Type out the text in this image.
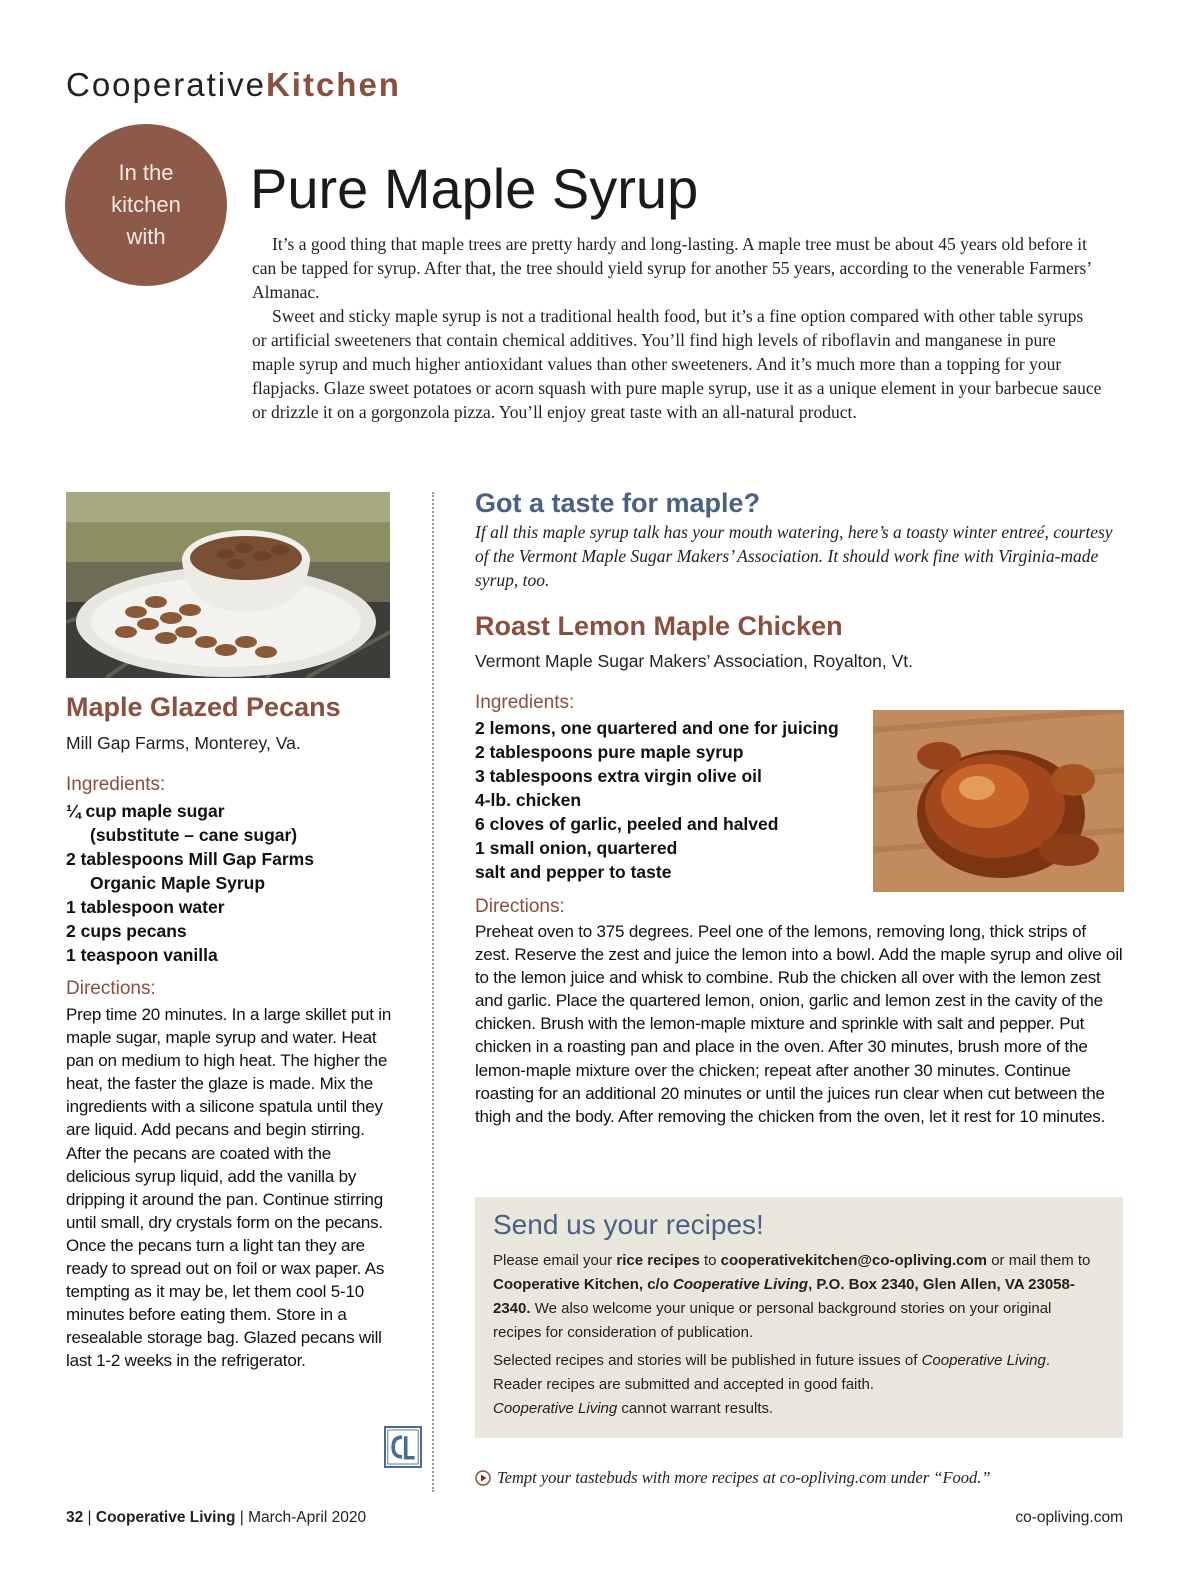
CooperativeKitchen
In the
kitchen
with
Pure Maple Syrup

It’s a good thing that maple trees are pretty hardy and long-lasting. A maple tree must be about 45 years old before it can be tapped for syrup. After that, the tree should yield syrup for another 55 years, according to the venerable Farmers’ Almanac.

Sweet and sticky maple syrup is not a traditional health food, but it’s a fine option compared with other table syrups or artificial sweeteners that contain chemical additives. You’ll find high levels of riboflavin and manganese in pure maple syrup and much higher antioxidant values than other sweeteners. And it’s much more than a topping for your flapjacks. Glaze sweet potatoes or acorn squash with pure maple syrup, use it as a unique element in your barbecue sauce or drizzle it on a gorgonzola pizza. You’ll enjoy great taste with an all-natural product.

Maple Glazed Pecans
Mill Gap Farms, Monterey, Va.
Ingredients:
¼ cup maple sugar
(substitute – cane sugar)
2 tablespoons Mill Gap Farms
Organic Maple Syrup
1 tablespoon water
2 cups pecans
1 teaspoon vanilla
Directions:
Prep time 20 minutes. In a large skillet put in maple sugar, maple syrup and water. Heat pan on medium to high heat. The higher the heat, the faster the glaze is made. Mix the ingredients with a silicone spatula until they are liquid. Add pecans and begin stirring. After the pecans are coated with the delicious syrup liquid, add the vanilla by dripping it around the pan. Continue stirring until small, dry crystals form on the pecans. Once the pecans turn a light tan they are ready to spread out on foil or wax paper. As tempting as it may be, let them cool 5-10 minutes before eating them. Store in a resealable storage bag. Glazed pecans will last 1-2 weeks in the refrigerator.
Got a taste for maple?
If all this maple syrup talk has your mouth watering, here’s a toasty winter entreé, courtesy of the Vermont Maple Sugar Makers’ Association. It should work fine with Virginia-made syrup, too.
Roast Lemon Maple Chicken
Vermont Maple Sugar Makers’ Association, Royalton, Vt.
Ingredients:
2 lemons, one quartered and one for juicing
2 tablespoons pure maple syrup
3 tablespoons extra virgin olive oil
4-lb. chicken
6 cloves of garlic, peeled and halved
1 small onion, quartered
salt and pepper to taste
Directions:
Preheat oven to 375 degrees. Peel one of the lemons, removing long, thick strips of zest. Reserve the zest and juice the lemon into a bowl. Add the maple syrup and olive oil to the lemon juice and whisk to combine. Rub the chicken all over with the lemon zest and garlic. Place the quartered lemon, onion, garlic and lemon zest in the cavity of the chicken. Brush with the lemon-maple mixture and sprinkle with salt and pepper. Put chicken in a roasting pan and place in the oven. After 30 minutes, brush more of the lemon-maple mixture over the chicken; repeat after another 30 minutes. Continue roasting for an additional 20 minutes or until the juices run clear when cut between the thigh and the body. After removing the chicken from the oven, let it rest for 10 minutes.
Send us your recipes!

Please email your rice recipes to cooperativekitchen@co-opliving.com or mail them to Cooperative Kitchen, c/o Cooperative Living, P.O. Box 2340, Glen Allen, VA 23058-2340. We also welcome your unique or personal background stories on your original recipes for consideration of publication.

Selected recipes and stories will be published in future issues of Cooperative Living.
Reader recipes are submitted and accepted in good faith.
Cooperative Living cannot warrant results.

Tempt your tastebuds with more recipes at co-opliving.com under “Food.”
32 | Cooperative Living | March-April 2020	co-opliving.com
